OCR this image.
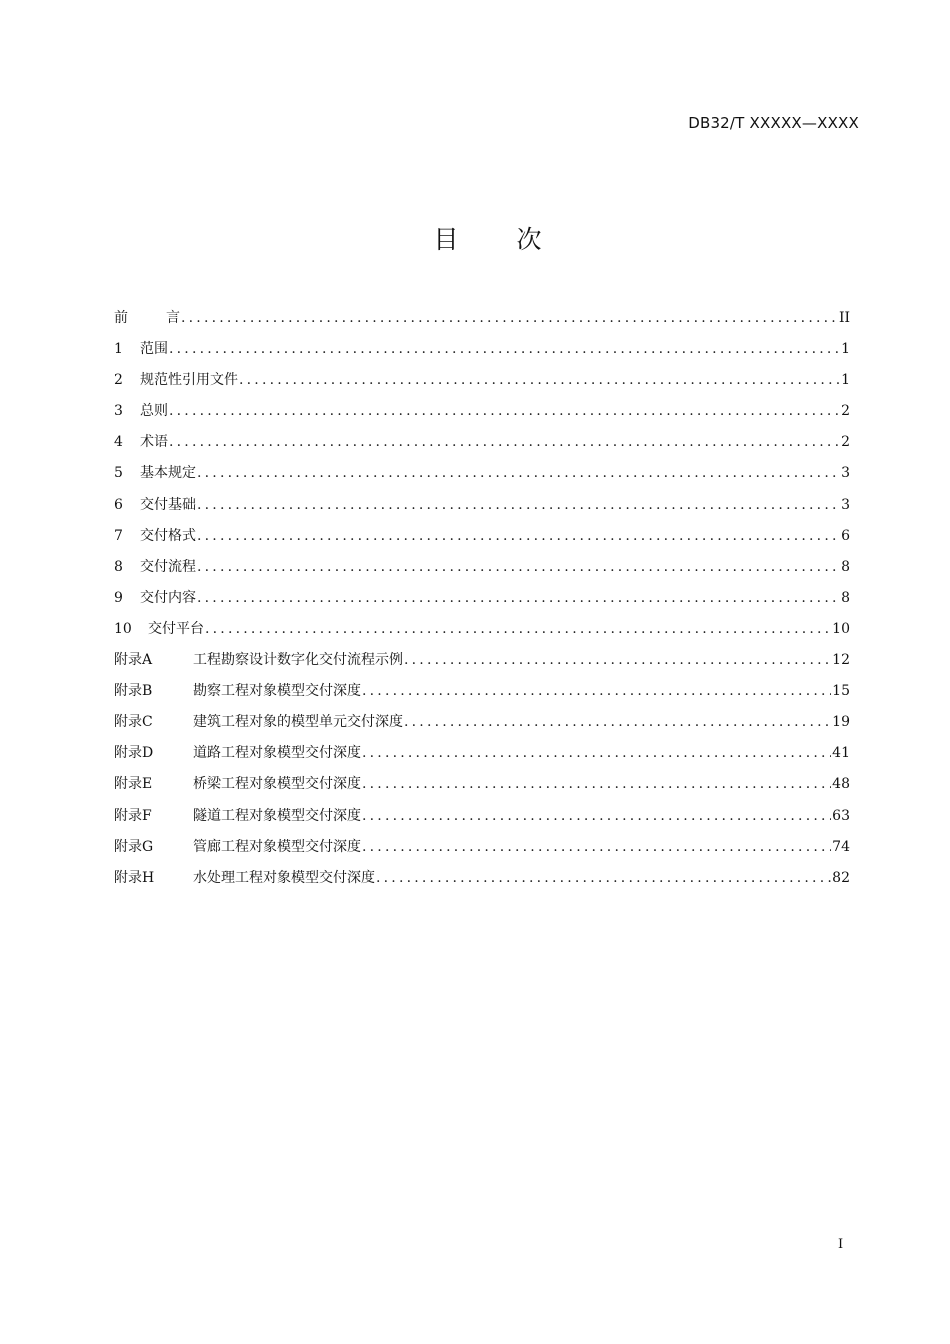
DB32/T XXXXX—XXXX
目 次
前	言 .....	II
1	范围 .....	1
2	规范性引用文件 .....	1
3	总则 .....	2
4	术语 .....	2
5	基本规定 .....	3
6	交付基础 .....	3
7	交付格式 .....	6
8	交付流程 .....	8
9	交付内容 .....	8
10	交付平台 .....	10
附录A	工程勘察设计数字化交付流程示例 .....	12
附录B	勘察工程对象模型交付深度 .....	15
附录C	建筑工程对象的模型单元交付深度 .....	19
附录D	道路工程对象模型交付深度 .....	41
附录E	桥梁工程对象模型交付深度 .....	48
附录F	隧道工程对象模型交付深度 .....	63
附录G	管廊工程对象模型交付深度 .....	74
附录H	水处理工程对象模型交付深度 .....	82
I
